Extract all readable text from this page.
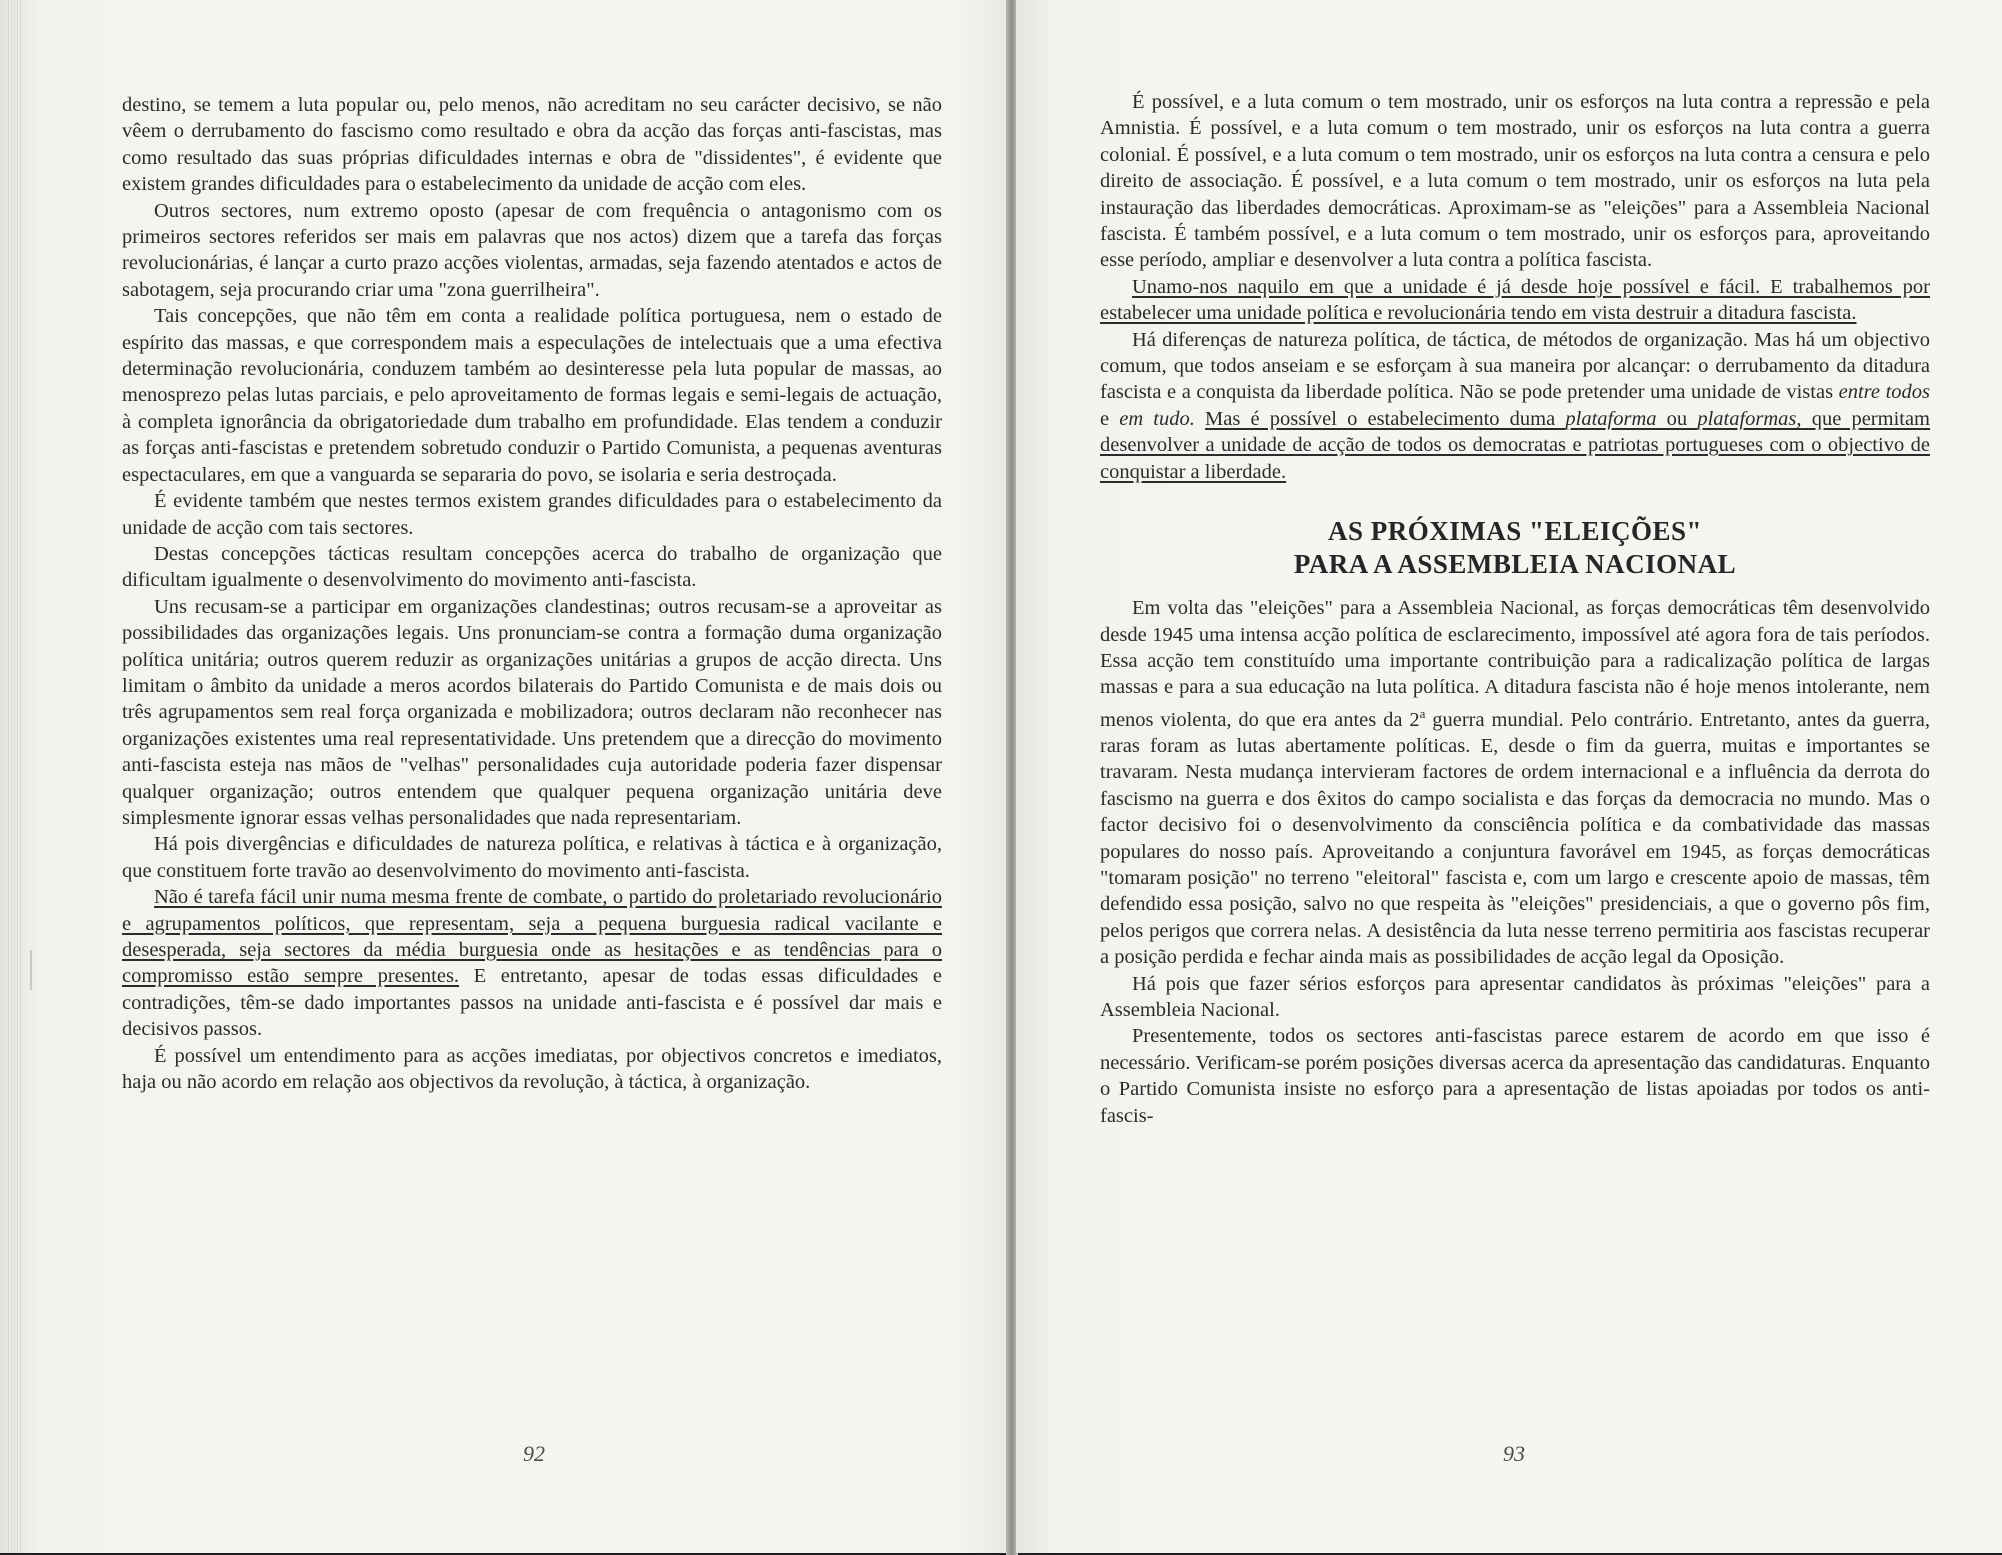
destino, se temem a luta popular ou, pelo menos, não acreditam no seu carácter decisivo, se não vêem o derrubamento do fascismo como resultado e obra da acção das forças anti-fascistas, mas como resultado das suas próprias dificuldades internas e obra de "dissidentes", é evidente que existem grandes dificuldades para o estabelecimento da unidade de acção com eles.

Outros sectores, num extremo oposto (apesar de com frequência o antagonismo com os primeiros sectores referidos ser mais em palavras que nos actos) dizem que a tarefa das forças revolucionárias, é lançar a curto prazo acções violentas, armadas, seja fazendo atentados e actos de sabotagem, seja procurando criar uma "zona guerrilheira".

Tais concepções, que não têm em conta a realidade política portuguesa, nem o estado de espírito das massas, e que correspondem mais a especulações de intelectuais que a uma efectiva determinação revolucionária, conduzem também ao desinteresse pela luta popular de massas, ao menosprezo pelas lutas parciais, e pelo aproveitamento de formas legais e semi-legais de actuação, à completa ignorância da obrigatoriedade dum trabalho em profundidade. Elas tendem a conduzir as forças anti-fascistas e pretendem sobretudo conduzir o Partido Comunista, a pequenas aventuras espectaculares, em que a vanguarda se separaria do povo, se isolaria e seria destroçada.

É evidente também que nestes termos existem grandes dificuldades para o estabelecimento da unidade de acção com tais sectores.

Destas concepções tácticas resultam concepções acerca do trabalho de organização que dificultam igualmente o desenvolvimento do movimento anti-fascista.

Uns recusam-se a participar em organizações clandestinas; outros recusam-se a aproveitar as possibilidades das organizações legais. Uns pronunciam-se contra a formação duma organização política unitária; outros querem reduzir as organizações unitárias a grupos de acção directa. Uns limitam o âmbito da unidade a meros acordos bilaterais do Partido Comunista e de mais dois ou três agrupamentos sem real força organizada e mobilizadora; outros declaram não reconhecer nas organizações existentes uma real representatividade. Uns pretendem que a direcção do movimento anti-fascista esteja nas mãos de "velhas" personalidades cuja autoridade poderia fazer dispensar qualquer organização; outros entendem que qualquer pequena organização unitária deve simplesmente ignorar essas velhas personalidades que nada representariam.

Há pois divergências e dificuldades de natureza política, e relativas à táctica e à organização, que constituem forte travão ao desenvolvimento do movimento anti-fascista.

Não é tarefa fácil unir numa mesma frente de combate, o partido do proletariado revolucionário e agrupamentos políticos, que representam, seja a pequena burguesia radical vacilante e desesperada, seja sectores da média burguesia onde as hesitações e as tendências para o compromisso estão sempre presentes. E entretanto, apesar de todas essas dificuldades e contradições, têm-se dado importantes passos na unidade anti-fascista e é possível dar mais e decisivos passos.

É possível um entendimento para as acções imediatas, por objectivos concretos e imediatos, haja ou não acordo em relação aos objectivos da revolução, à táctica, à organização.

92

É possível, e a luta comum o tem mostrado, unir os esforços na luta contra a repressão e pela Amnistia. É possível, e a luta comum o tem mostrado, unir os esforços na luta contra a guerra colonial. É possível, e a luta comum o tem mostrado, unir os esforços na luta contra a censura e pelo direito de associação. É possível, e a luta comum o tem mostrado, unir os esforços na luta pela instauração das liberdades democráticas. Aproximam-se as "eleições" para a Assembleia Nacional fascista. É também possível, e a luta comum o tem mostrado, unir os esforços para, aproveitando esse período, ampliar e desenvolver a luta contra a política fascista.

Unamo-nos naquilo em que a unidade é já desde hoje possível e fácil. E trabalhemos por estabelecer uma unidade política e revolucionária tendo em vista destruir a ditadura fascista.

Há diferenças de natureza política, de táctica, de métodos de organização. Mas há um objectivo comum, que todos anseiam e se esforçam à sua maneira por alcançar: o derrubamento da ditadura fascista e a conquista da liberdade política. Não se pode pretender uma unidade de vistas entre todos e em tudo. Mas é possível o estabelecimento duma plataforma ou plataformas, que permitam desenvolver a unidade de acção de todos os democratas e patriotas portugueses com o objectivo de conquistar a liberdade.

AS PRÓXIMAS "ELEIÇÕES"
PARA A ASSEMBLEIA NACIONAL

Em volta das "eleições" para a Assembleia Nacional, as forças democráticas têm desenvolvido desde 1945 uma intensa acção política de esclarecimento, impossível até agora fora de tais períodos. Essa acção tem constituído uma importante contribuição para a radicalização política de largas massas e para a sua educação na luta política. A ditadura fascista não é hoje menos intolerante, nem menos violenta, do que era antes da 2$^a$ guerra mundial. Pelo contrário. Entretanto, antes da guerra, raras foram as lutas abertamente políticas. E, desde o fim da guerra, muitas e importantes se travaram. Nesta mudança intervieram factores de ordem internacional e a influência da derrota do fascismo na guerra e dos êxitos do campo socialista e das forças da democracia no mundo. Mas o factor decisivo foi o desenvolvimento da consciência política e da combatividade das massas populares do nosso país. Aproveitando a conjuntura favorável em 1945, as forças democráticas "tomaram posição" no terreno "eleitoral" fascista e, com um largo e crescente apoio de massas, têm defendido essa posição, salvo no que respeita às "eleições" presidenciais, a que o governo pôs fim, pelos perigos que correra nelas. A desistência da luta nesse terreno permitiria aos fascistas recuperar a posição perdida e fechar ainda mais as possibilidades de acção legal da Oposição.

Há pois que fazer sérios esforços para apresentar candidatos às próximas "eleições" para a Assembleia Nacional.

Presentemente, todos os sectores anti-fascistas parece estarem de acordo em que isso é necessário. Verificam-se porém posições diversas acerca da apresentação das candidaturas. Enquanto o Partido Comunista insiste no esforço para a apresentação de listas apoiadas por todos os anti-fascis-

93
